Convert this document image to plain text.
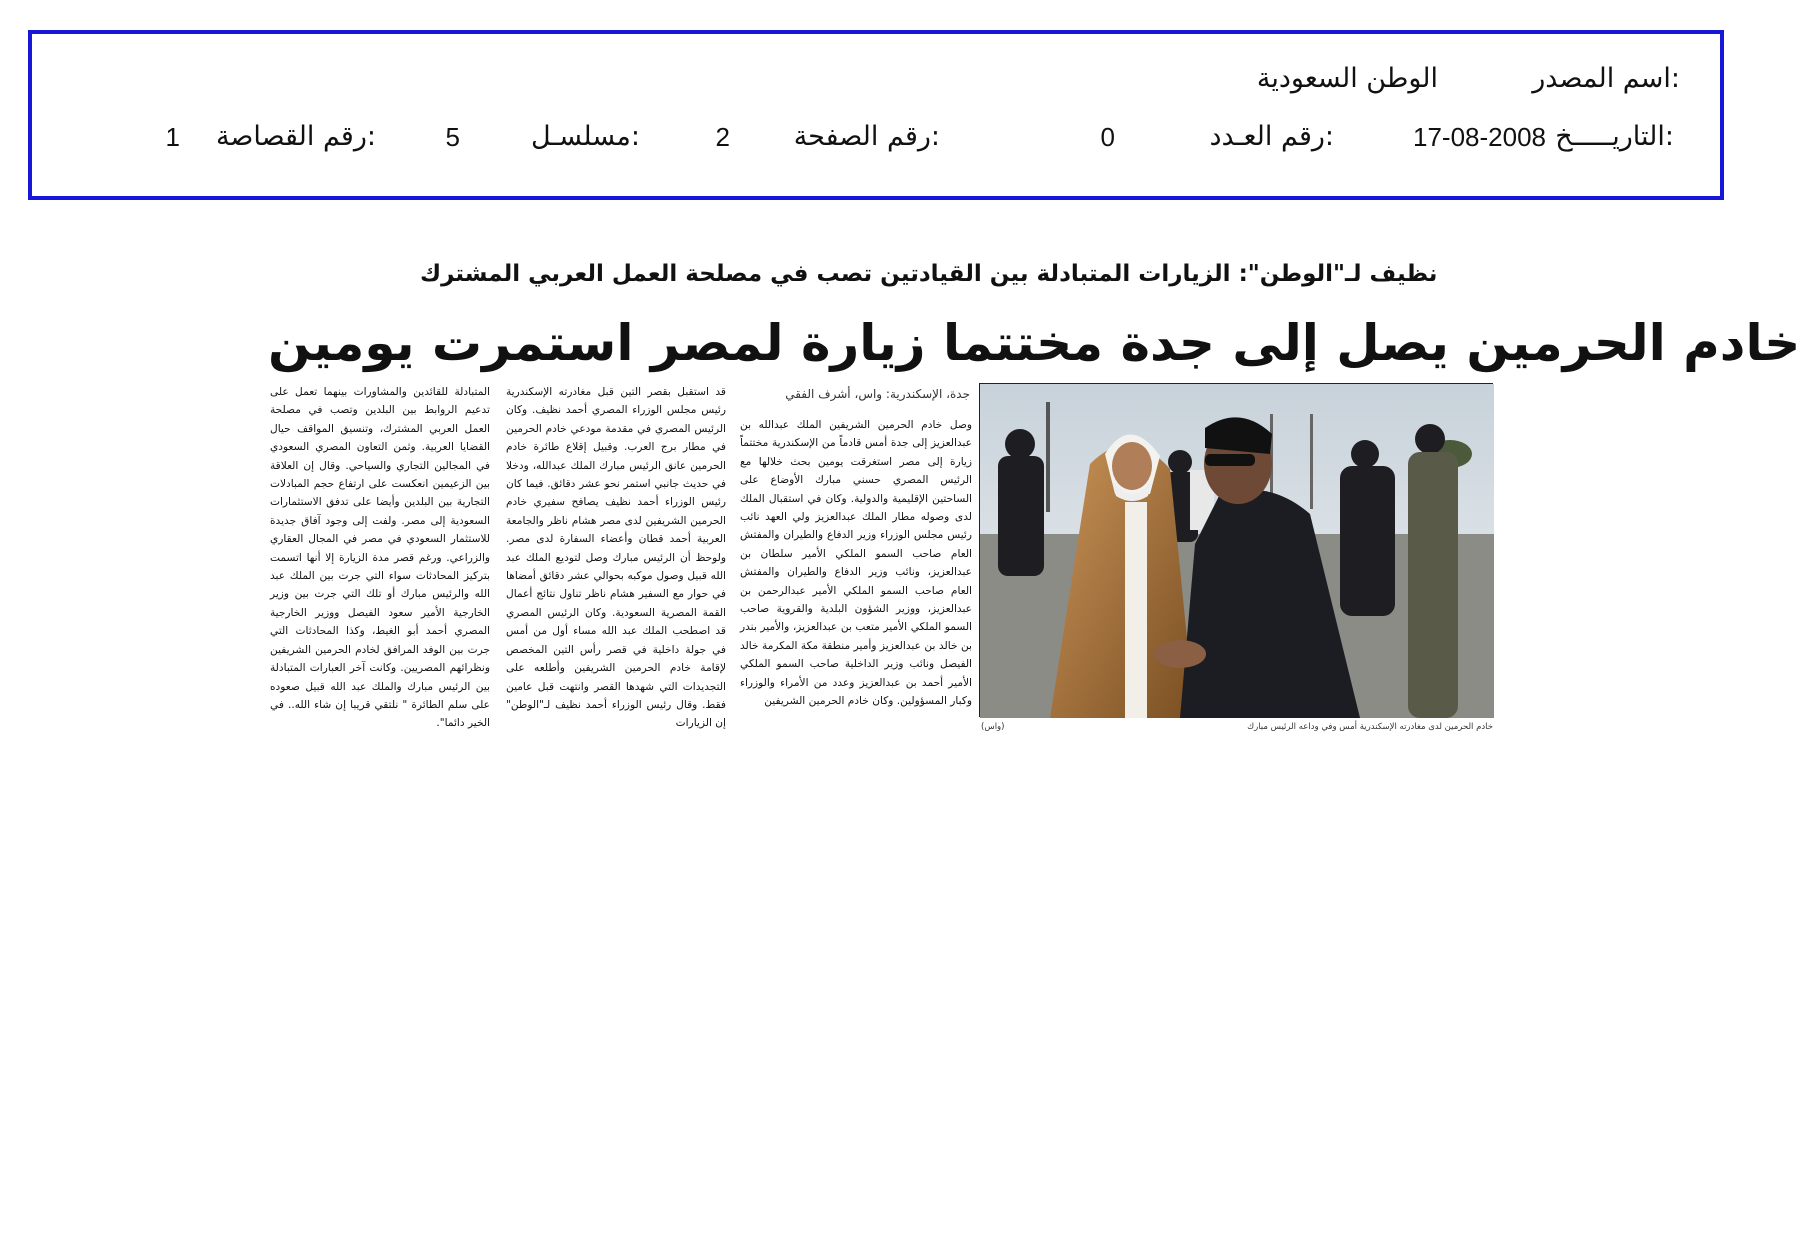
اسم المصدر:
الوطن السعودية
التاريـــــخ:
17-08-2008
رقم العـدد:
0
رقم الصفحة:
2
مسلسـل:
5
رقم القصاصة:
1
نظيف لـ"الوطن": الزيارات المتبادلة بين القيادتين تصب في مصلحة العمل العربي المشترك
خادم الحرمين يصل إلى جدة مختتما زيارة لمصر استمرت يومين
جدة، الإسكندرية: واس، أشرف الفقي
وصل خادم الحرمين الشريفين الملك عبدالله بن عبدالعزيز إلى جدة أمس قادماً من الإسكندرية مختتماً زيارة إلى مصر استغرقت يومين بحث خلالها مع الرئيس المصري حسني مبارك الأوضاع على الساحتين الإقليمية والدولية. وكان في استقبال الملك لدى وصوله مطار الملك عبدالعزيز ولي العهد نائب رئيس مجلس الوزراء وزير الدفاع والطيران والمفتش العام صاحب السمو الملكي الأمير سلطان بن عبدالعزيز، ونائب وزير الدفاع والطيران والمفتش العام صاحب السمو الملكي الأمير عبدالرحمن بن عبدالعزيز، ووزير الشؤون البلدية والقروية صاحب السمو الملكي الأمير متعب بن عبدالعزيز، والأمير بندر بن خالد بن عبدالعزيز وأمير منطقة مكة المكرمة خالد الفيصل ونائب وزير الداخلية صاحب السمو الملكي الأمير أحمد بن عبدالعزيز وعدد من الأمراء والوزراء وكبار المسؤولين. وكان خادم الحرمين الشريفين
قد استقبل بقصر التين قبل مغادرته الإسكندرية رئيس مجلس الوزراء المصري أحمد نظيف. وكان الرئيس المصري في مقدمة مودعي خادم الحرمين في مطار برج العرب. وقبيل إقلاع طائرة خادم الحرمين عانق الرئيس مبارك الملك عبدالله، ودخلا في حديث جانبي استمر نحو عشر دقائق. فيما كان رئيس الوزراء أحمد نظيف يصافح سفيري خادم الحرمين الشريفين لدى مصر هشام ناظر والجامعة العربية أحمد قطان وأعضاء السفارة لدى مصر. ولوحظ أن الرئيس مبارك وصل لتوديع الملك عبد الله قبيل وصول موكبه بحوالي عشر دقائق أمضاها في حوار مع السفير هشام ناظر تناول نتائج أعمال القمة المصرية السعودية. وكان الرئيس المصري قد اصطحب الملك عبد الله مساء أول من أمس في جولة داخلية في قصر رأس التين المخصص لإقامة خادم الحرمين الشريفين وأطلعه على التجديدات التي شهدها القصر وانتهت قبل عامين فقط. وقال رئيس الوزراء أحمد نظيف لـ"الوطن" إن الزيارات
المتبادلة للقائدين والمشاورات بينهما تعمل على تدعيم الروابط بين البلدين وتصب في مصلحة العمل العربي المشترك، وتنسيق المواقف حيال القضايا العربية. وثمن التعاون المصري السعودي في المجالين التجاري والسياحي. وقال إن العلاقة بين الزعيمين انعكست على ارتفاع حجم المبادلات التجارية بين البلدين وأيضا على تدفق الاستثمارات السعودية إلى مصر. ولفت إلى وجود آفاق جديدة للاستثمار السعودي في مصر في المجال العقاري والزراعي. ورغم قصر مدة الزيارة إلا أنها اتسمت بتركيز المحادثات سواء التي جرت بين الملك عبد الله والرئيس مبارك أو تلك التي جرت بين وزير الخارجية الأمير سعود الفيصل ووزير الخارجية المصري أحمد أبو الغيط، وكذا المحادثات التي جرت بين الوفد المرافق لخادم الحرمين الشريفين ونظرائهم المصريين. وكانت آخر العبارات المتبادلة بين الرئيس مبارك والملك عبد الله قبيل صعوده على سلم الطائرة " نلتقي قريبا إن شاء الله.. في الخير دائما".	خادم الحرمين لدى مغادرته الإسكندرية أمس وفي وداعه الرئيس مبارك
(واس)
